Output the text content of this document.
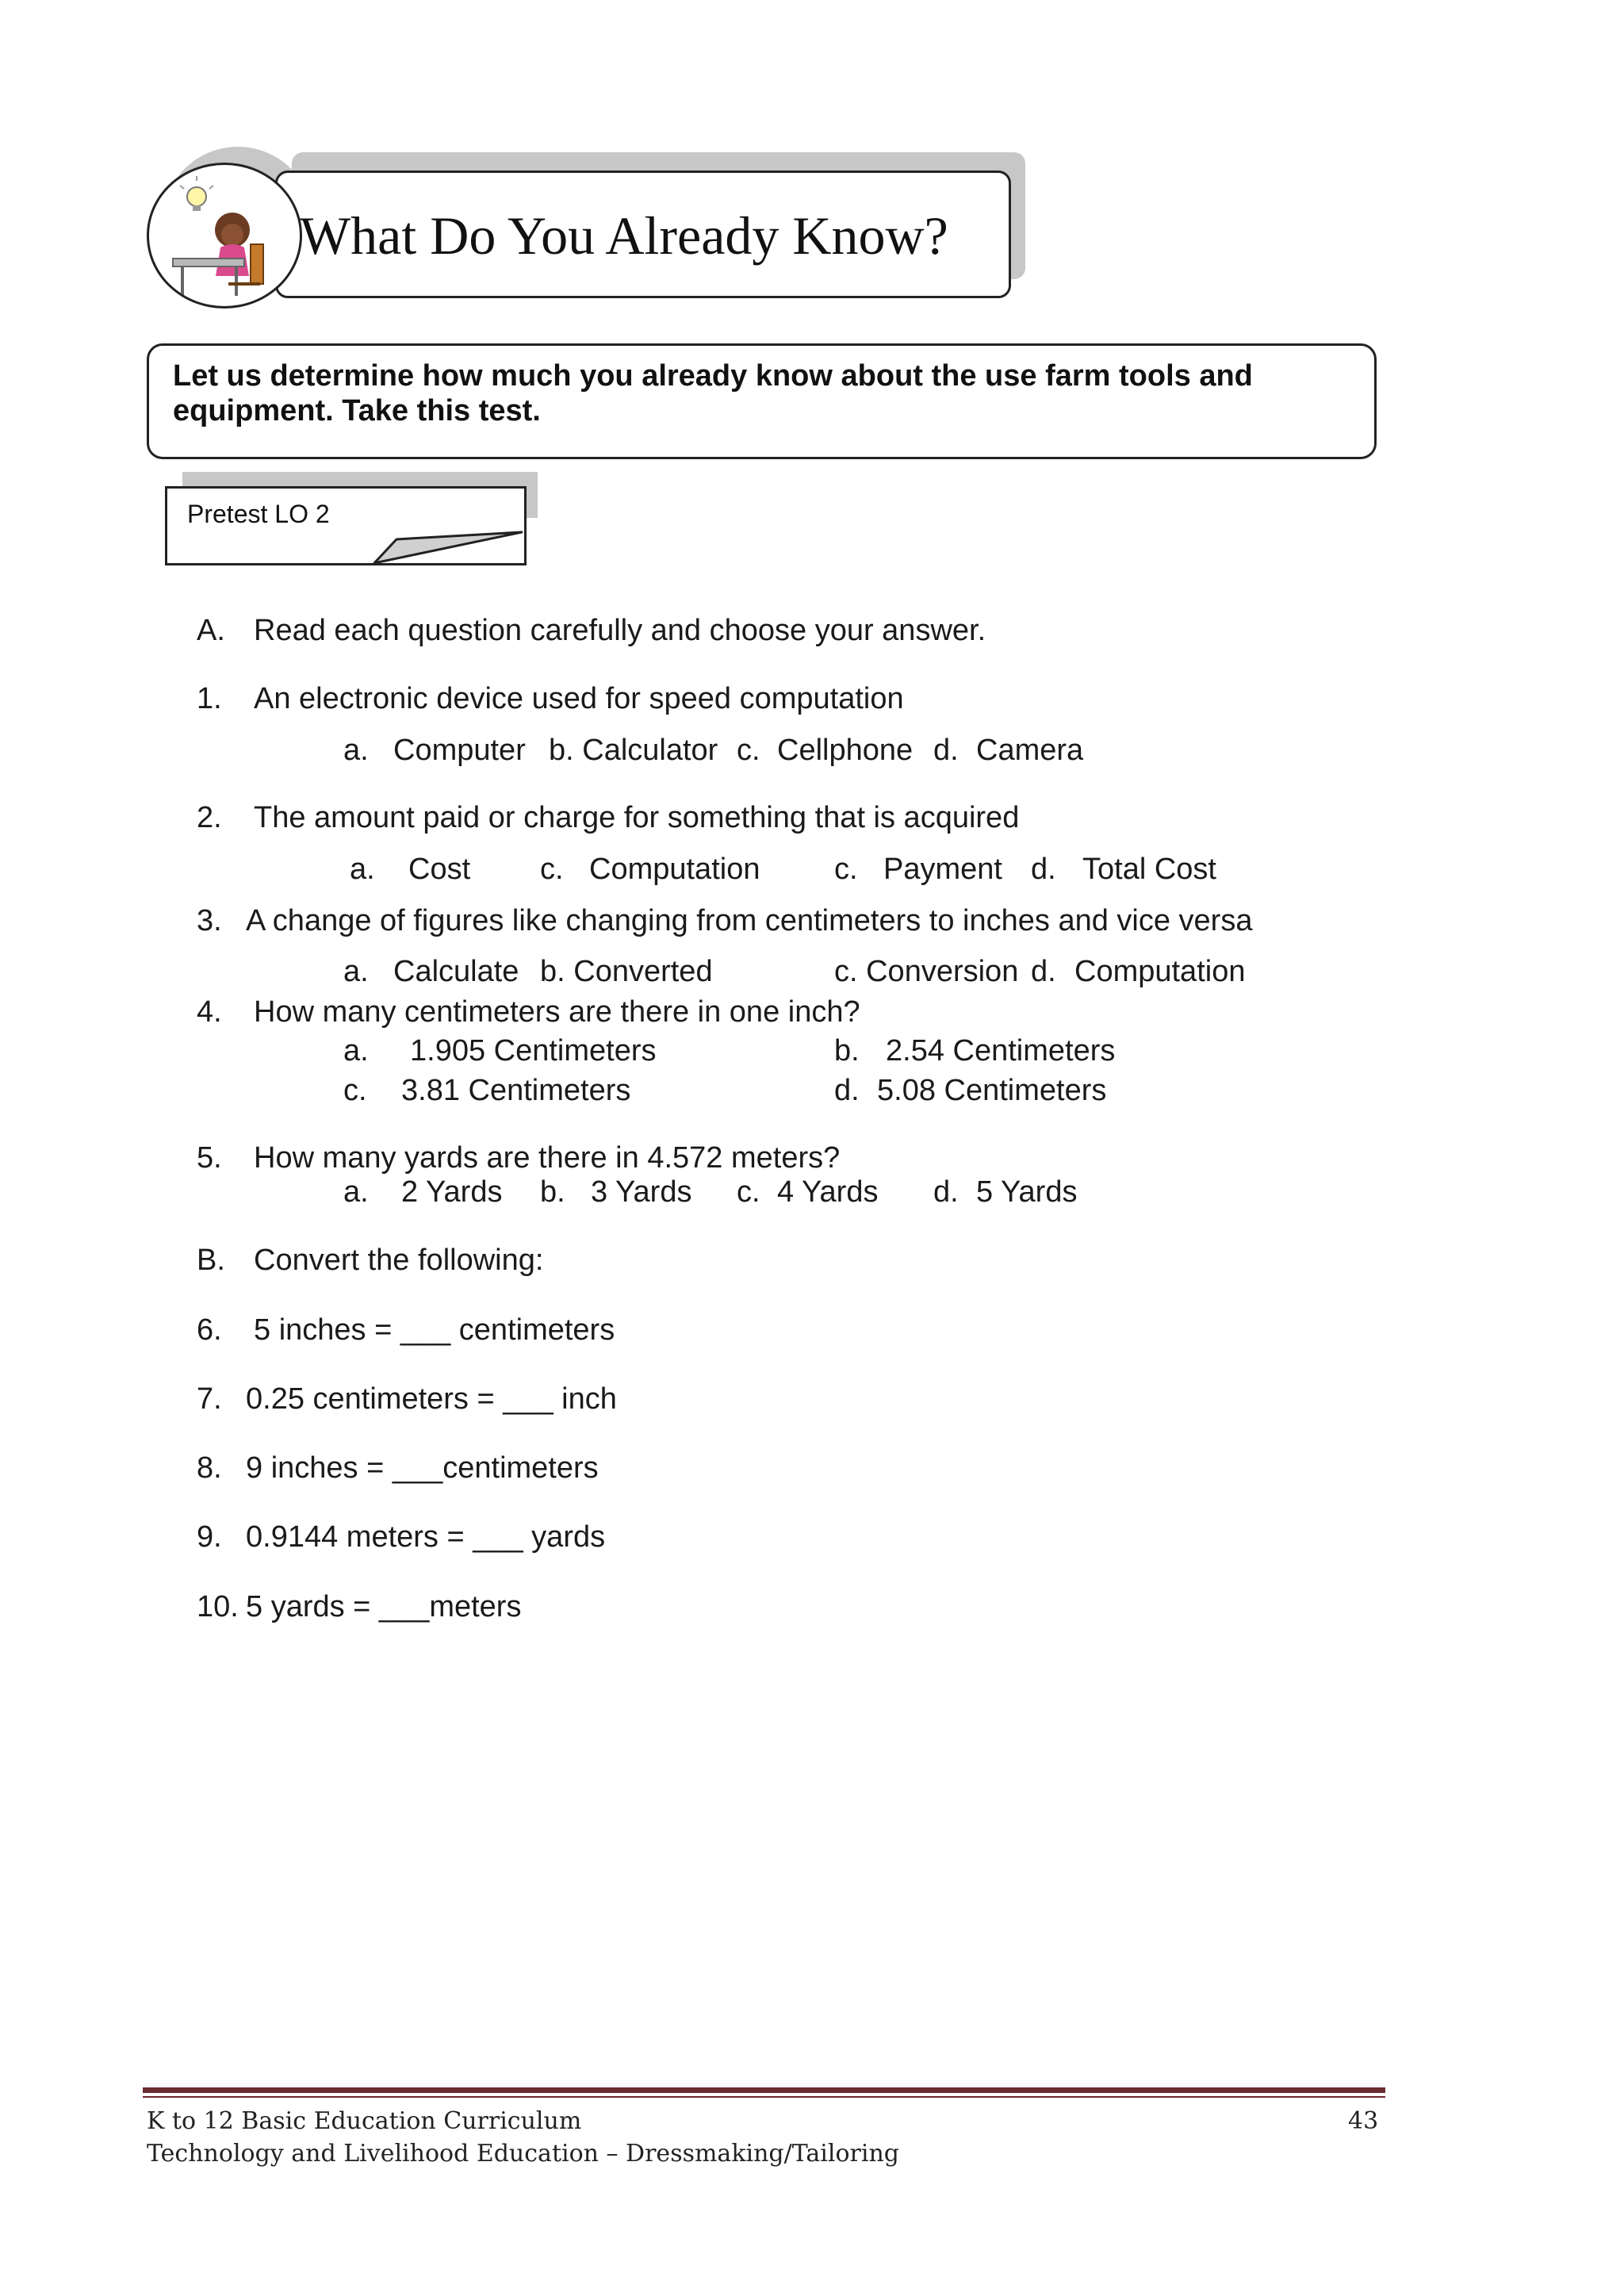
What Do You Already Know?
Let us determine how much you already know about the use farm tools and equipment. Take this test.
Pretest LO 2
A. Read each question carefully and choose your answer.
1. An electronic device used for speed computation
a. Computer b. Calculator c. Cellphone d. Camera
2. The amount paid or charge for something that is acquired
a. Cost c. Computation c. Payment d. Total Cost
3. A change of figures like changing from centimeters to inches and vice versa
a. Calculate b. Converted	c. Conversion d. Computation
4. How many centimeters are there in one inch?
a. 1.905 Centimeters	b. 2.54 Centimeters
c. 3.81 Centimeters	d. 5.08 Centimeters
5. How many yards are there in 4.572 meters?
a. 2 Yards b. 3 Yards c. 4 Yards d. 5 Yards
B. Convert the following:
6. 5 inches = ___ centimeters
7. 0.25 centimeters = ___ inch
8. 9 inches = ___centimeters
9. 0.9144 meters = ___ yards
10. 5 yards = ___meters
K to 12 Basic Education Curriculum
Technology and Livelihood Education – Dressmaking/Tailoring
43
